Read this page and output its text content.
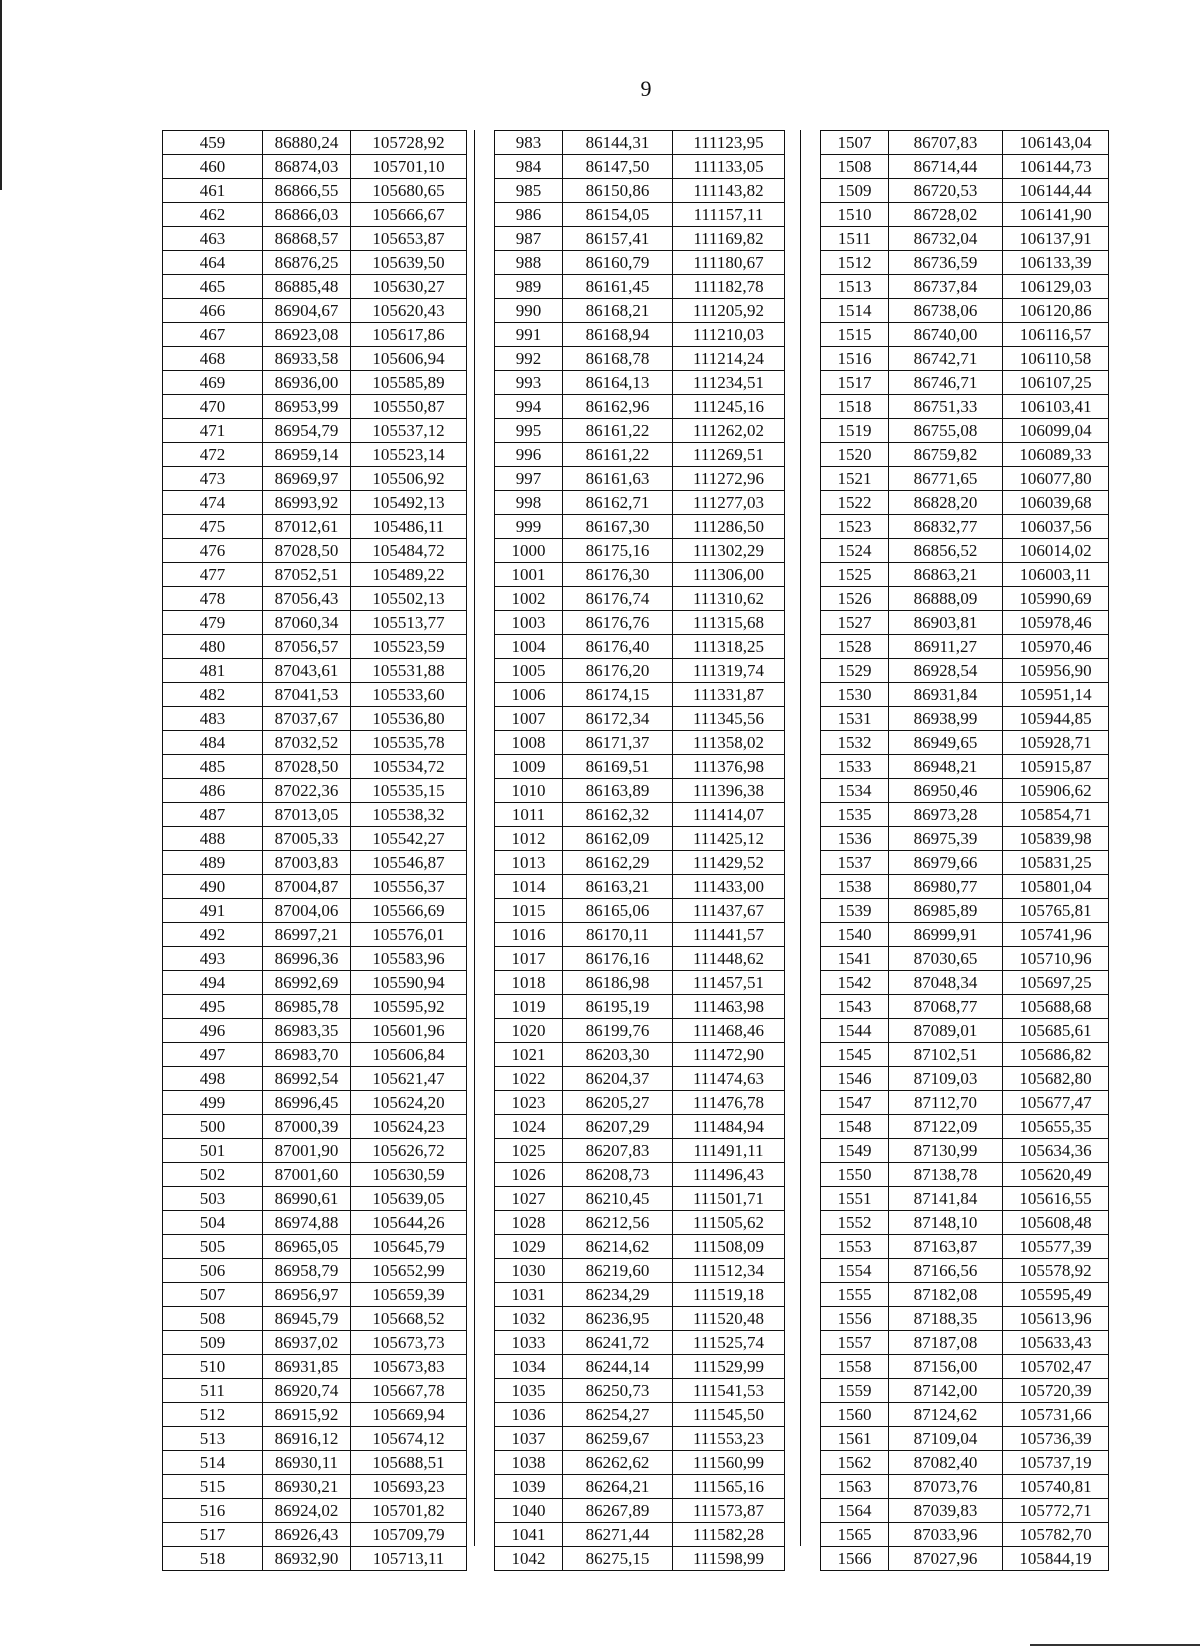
9
459	86880,24	105728,92
460	86874,03	105701,10
461	86866,55	105680,65
462	86866,03	105666,67
463	86868,57	105653,87
464	86876,25	105639,50
465	86885,48	105630,27
466	86904,67	105620,43
467	86923,08	105617,86
468	86933,58	105606,94
469	86936,00	105585,89
470	86953,99	105550,87
471	86954,79	105537,12
472	86959,14	105523,14
473	86969,97	105506,92
474	86993,92	105492,13
475	87012,61	105486,11
476	87028,50	105484,72
477	87052,51	105489,22
478	87056,43	105502,13
479	87060,34	105513,77
480	87056,57	105523,59
481	87043,61	105531,88
482	87041,53	105533,60
483	87037,67	105536,80
484	87032,52	105535,78
485	87028,50	105534,72
486	87022,36	105535,15
487	87013,05	105538,32
488	87005,33	105542,27
489	87003,83	105546,87
490	87004,87	105556,37
491	87004,06	105566,69
492	86997,21	105576,01
493	86996,36	105583,96
494	86992,69	105590,94
495	86985,78	105595,92
496	86983,35	105601,96
497	86983,70	105606,84
498	86992,54	105621,47
499	86996,45	105624,20
500	87000,39	105624,23
501	87001,90	105626,72
502	87001,60	105630,59
503	86990,61	105639,05
504	86974,88	105644,26
505	86965,05	105645,79
506	86958,79	105652,99
507	86956,97	105659,39
508	86945,79	105668,52
509	86937,02	105673,73
510	86931,85	105673,83
511	86920,74	105667,78
512	86915,92	105669,94
513	86916,12	105674,12
514	86930,11	105688,51
515	86930,21	105693,23
516	86924,02	105701,82
517	86926,43	105709,79
518	86932,90	105713,11
983	86144,31	111123,95
984	86147,50	111133,05
985	86150,86	111143,82
986	86154,05	111157,11
987	86157,41	111169,82
988	86160,79	111180,67
989	86161,45	111182,78
990	86168,21	111205,92
991	86168,94	111210,03
992	86168,78	111214,24
993	86164,13	111234,51
994	86162,96	111245,16
995	86161,22	111262,02
996	86161,22	111269,51
997	86161,63	111272,96
998	86162,71	111277,03
999	86167,30	111286,50
1000	86175,16	111302,29
1001	86176,30	111306,00
1002	86176,74	111310,62
1003	86176,76	111315,68
1004	86176,40	111318,25
1005	86176,20	111319,74
1006	86174,15	111331,87
1007	86172,34	111345,56
1008	86171,37	111358,02
1009	86169,51	111376,98
1010	86163,89	111396,38
1011	86162,32	111414,07
1012	86162,09	111425,12
1013	86162,29	111429,52
1014	86163,21	111433,00
1015	86165,06	111437,67
1016	86170,11	111441,57
1017	86176,16	111448,62
1018	86186,98	111457,51
1019	86195,19	111463,98
1020	86199,76	111468,46
1021	86203,30	111472,90
1022	86204,37	111474,63
1023	86205,27	111476,78
1024	86207,29	111484,94
1025	86207,83	111491,11
1026	86208,73	111496,43
1027	86210,45	111501,71
1028	86212,56	111505,62
1029	86214,62	111508,09
1030	86219,60	111512,34
1031	86234,29	111519,18
1032	86236,95	111520,48
1033	86241,72	111525,74
1034	86244,14	111529,99
1035	86250,73	111541,53
1036	86254,27	111545,50
1037	86259,67	111553,23
1038	86262,62	111560,99
1039	86264,21	111565,16
1040	86267,89	111573,87
1041	86271,44	111582,28
1042	86275,15	111598,99
1507	86707,83	106143,04
1508	86714,44	106144,73
1509	86720,53	106144,44
1510	86728,02	106141,90
1511	86732,04	106137,91
1512	86736,59	106133,39
1513	86737,84	106129,03
1514	86738,06	106120,86
1515	86740,00	106116,57
1516	86742,71	106110,58
1517	86746,71	106107,25
1518	86751,33	106103,41
1519	86755,08	106099,04
1520	86759,82	106089,33
1521	86771,65	106077,80
1522	86828,20	106039,68
1523	86832,77	106037,56
1524	86856,52	106014,02
1525	86863,21	106003,11
1526	86888,09	105990,69
1527	86903,81	105978,46
1528	86911,27	105970,46
1529	86928,54	105956,90
1530	86931,84	105951,14
1531	86938,99	105944,85
1532	86949,65	105928,71
1533	86948,21	105915,87
1534	86950,46	105906,62
1535	86973,28	105854,71
1536	86975,39	105839,98
1537	86979,66	105831,25
1538	86980,77	105801,04
1539	86985,89	105765,81
1540	86999,91	105741,96
1541	87030,65	105710,96
1542	87048,34	105697,25
1543	87068,77	105688,68
1544	87089,01	105685,61
1545	87102,51	105686,82
1546	87109,03	105682,80
1547	87112,70	105677,47
1548	87122,09	105655,35
1549	87130,99	105634,36
1550	87138,78	105620,49
1551	87141,84	105616,55
1552	87148,10	105608,48
1553	87163,87	105577,39
1554	87166,56	105578,92
1555	87182,08	105595,49
1556	87188,35	105613,96
1557	87187,08	105633,43
1558	87156,00	105702,47
1559	87142,00	105720,39
1560	87124,62	105731,66
1561	87109,04	105736,39
1562	87082,40	105737,19
1563	87073,76	105740,81
1564	87039,83	105772,71
1565	87033,96	105782,70
1566	87027,96	105844,19
